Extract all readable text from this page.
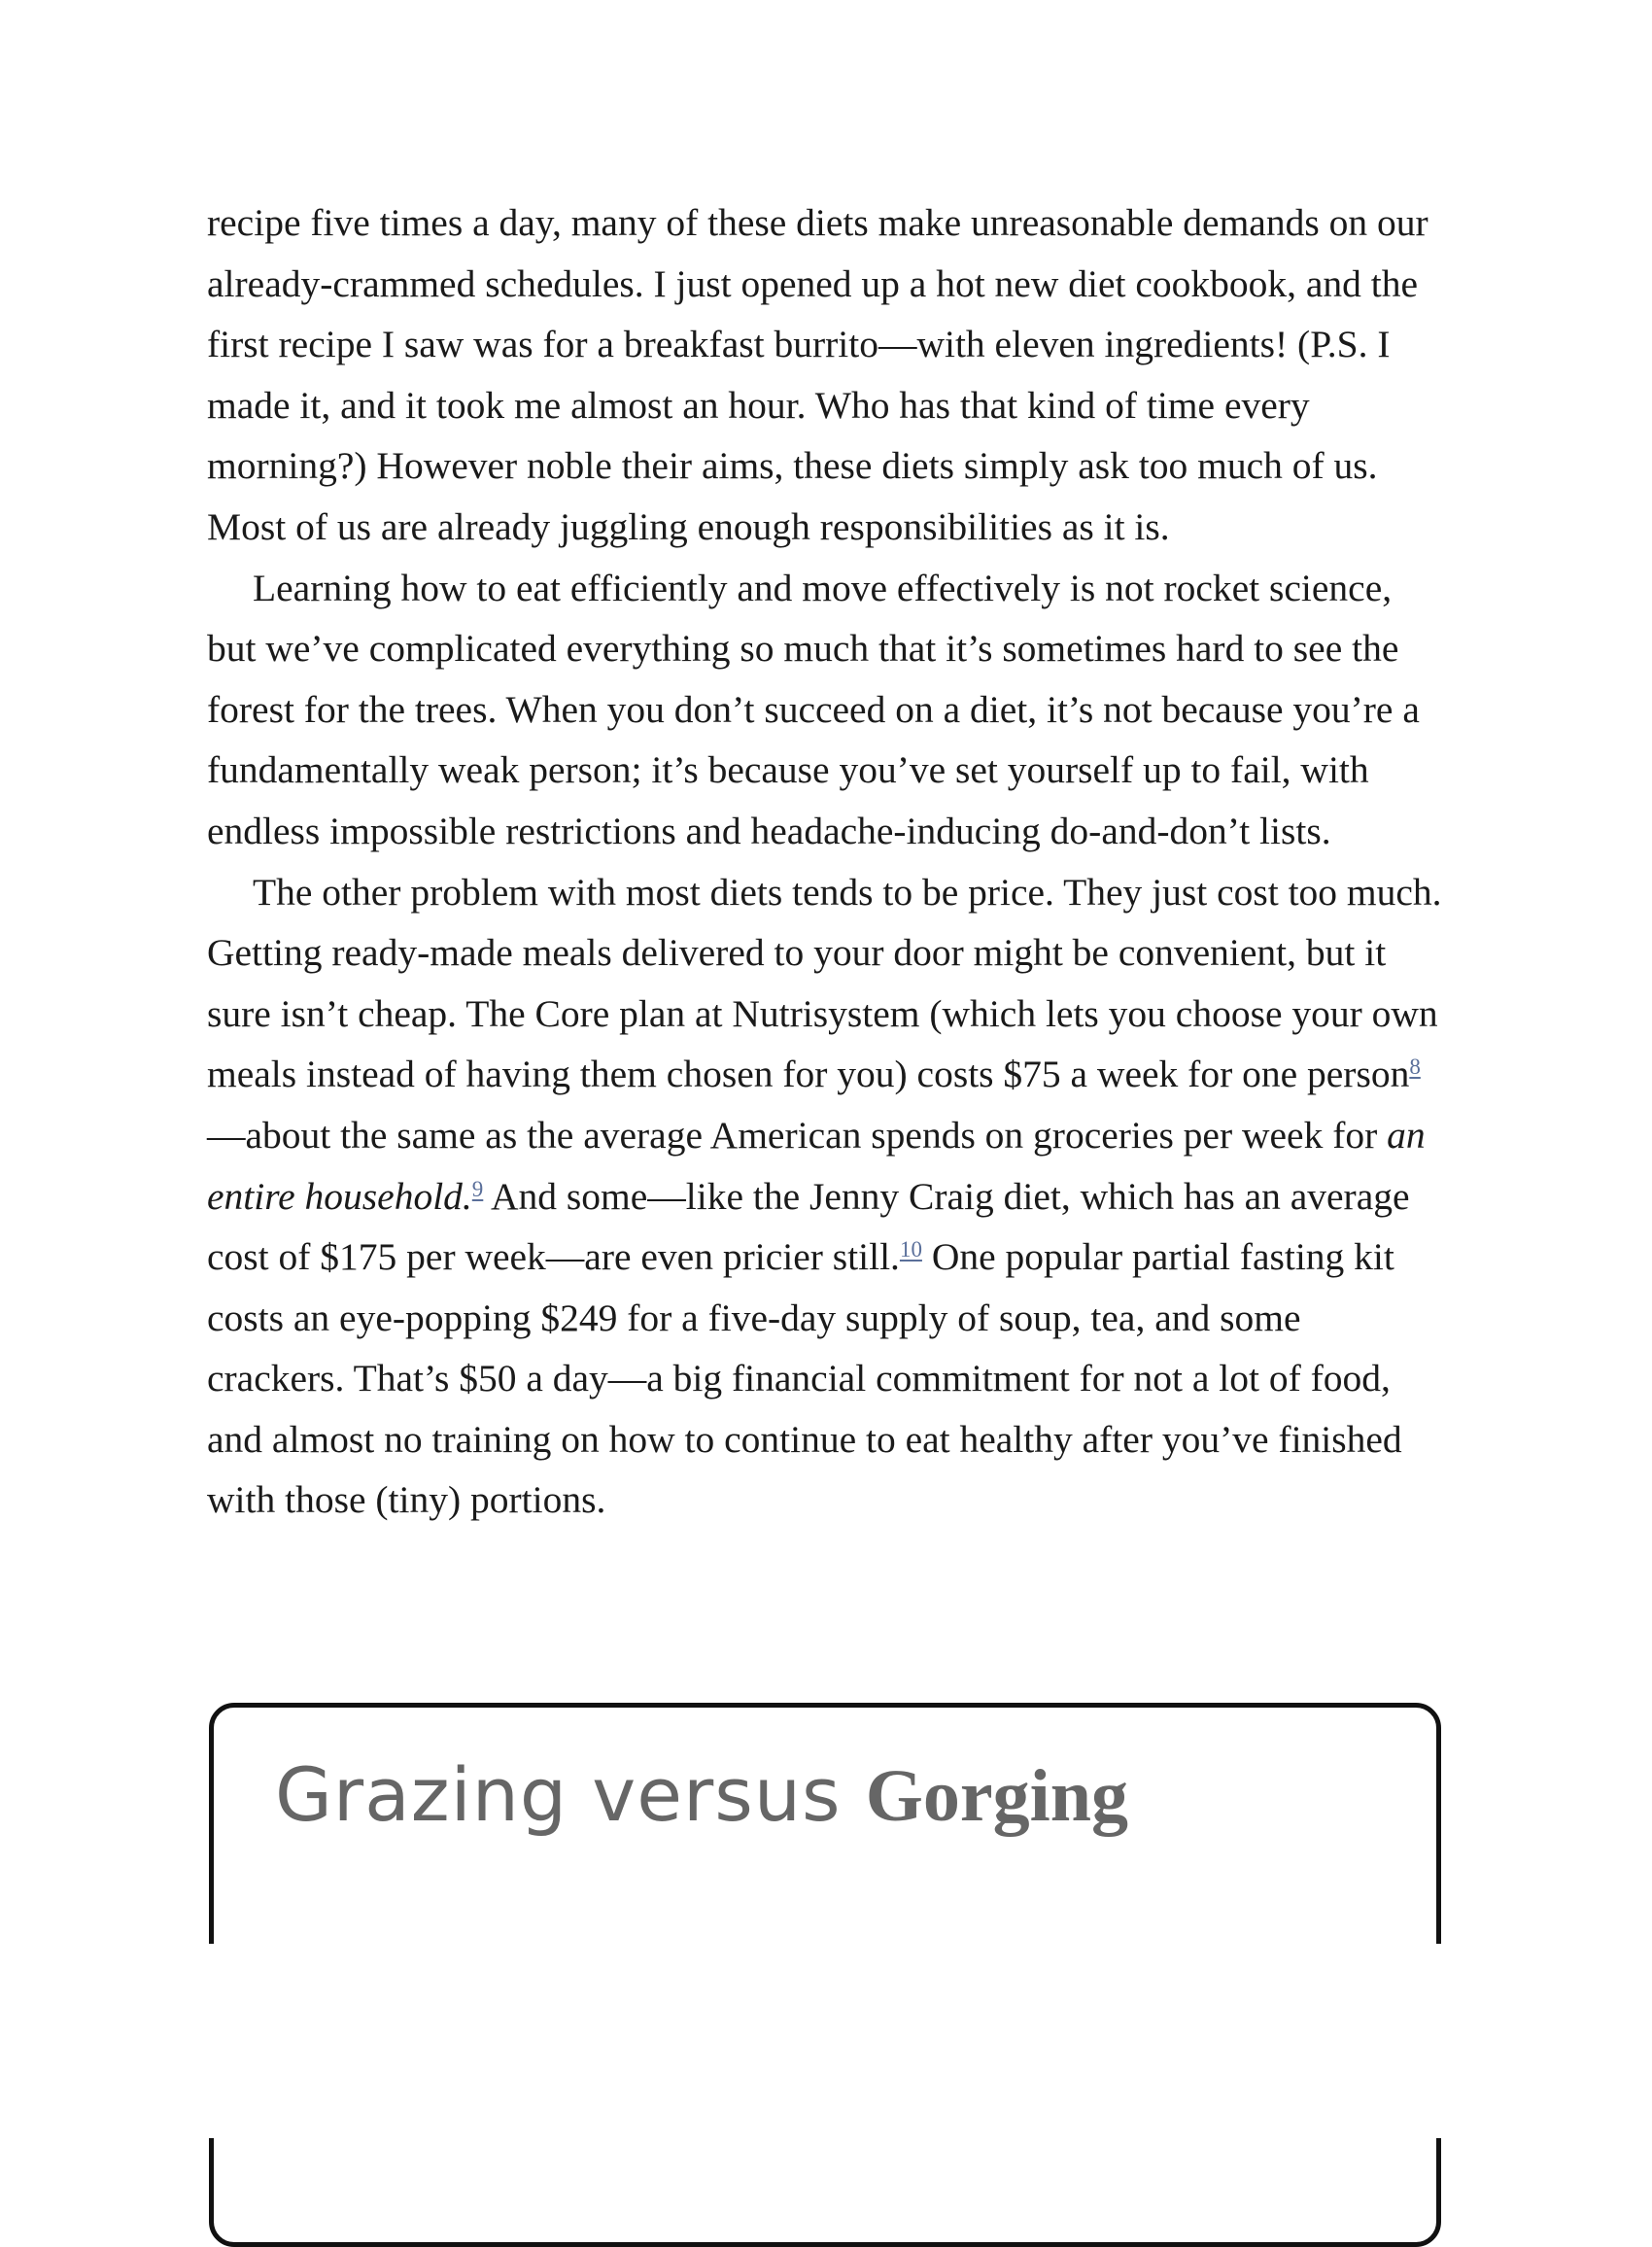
recipe five times a day, many of these diets make unreasonable demands on our already-crammed schedules. I just opened up a hot new diet cookbook, and the first recipe I saw was for a breakfast burrito—with eleven ingredients! (P.S. I made it, and it took me almost an hour. Who has that kind of time every morning?) However noble their aims, these diets simply ask too much of us. Most of us are already juggling enough responsibilities as it is.

Learning how to eat efficiently and move effectively is not rocket science, but we’ve complicated everything so much that it’s sometimes hard to see the forest for the trees. When you don’t succeed on a diet, it’s not because you’re a fundamentally weak person; it’s because you’ve set yourself up to fail, with endless impossible restrictions and headache-inducing do-and-don’t lists.

The other problem with most diets tends to be price. They just cost too much. Getting ready-made meals delivered to your door might be convenient, but it sure isn’t cheap. The Core plan at Nutrisystem (which lets you choose your own meals instead of having them chosen for you) costs $75 a week for one person$^8$—about the same as the average American spends on groceries per week for an entire household.$^9$ And some—like the Jenny Craig diet, which has an average cost of $175 per week—are even pricier still.$^{10}$ One popular partial fasting kit costs an eye-popping $249 for a five-day supply of soup, tea, and some crackers. That’s $50 a day—a big financial commitment for not a lot of food, and almost no training on how to continue to eat healthy after you’ve finished with those (tiny) portions.

Grazing versus Gorging
